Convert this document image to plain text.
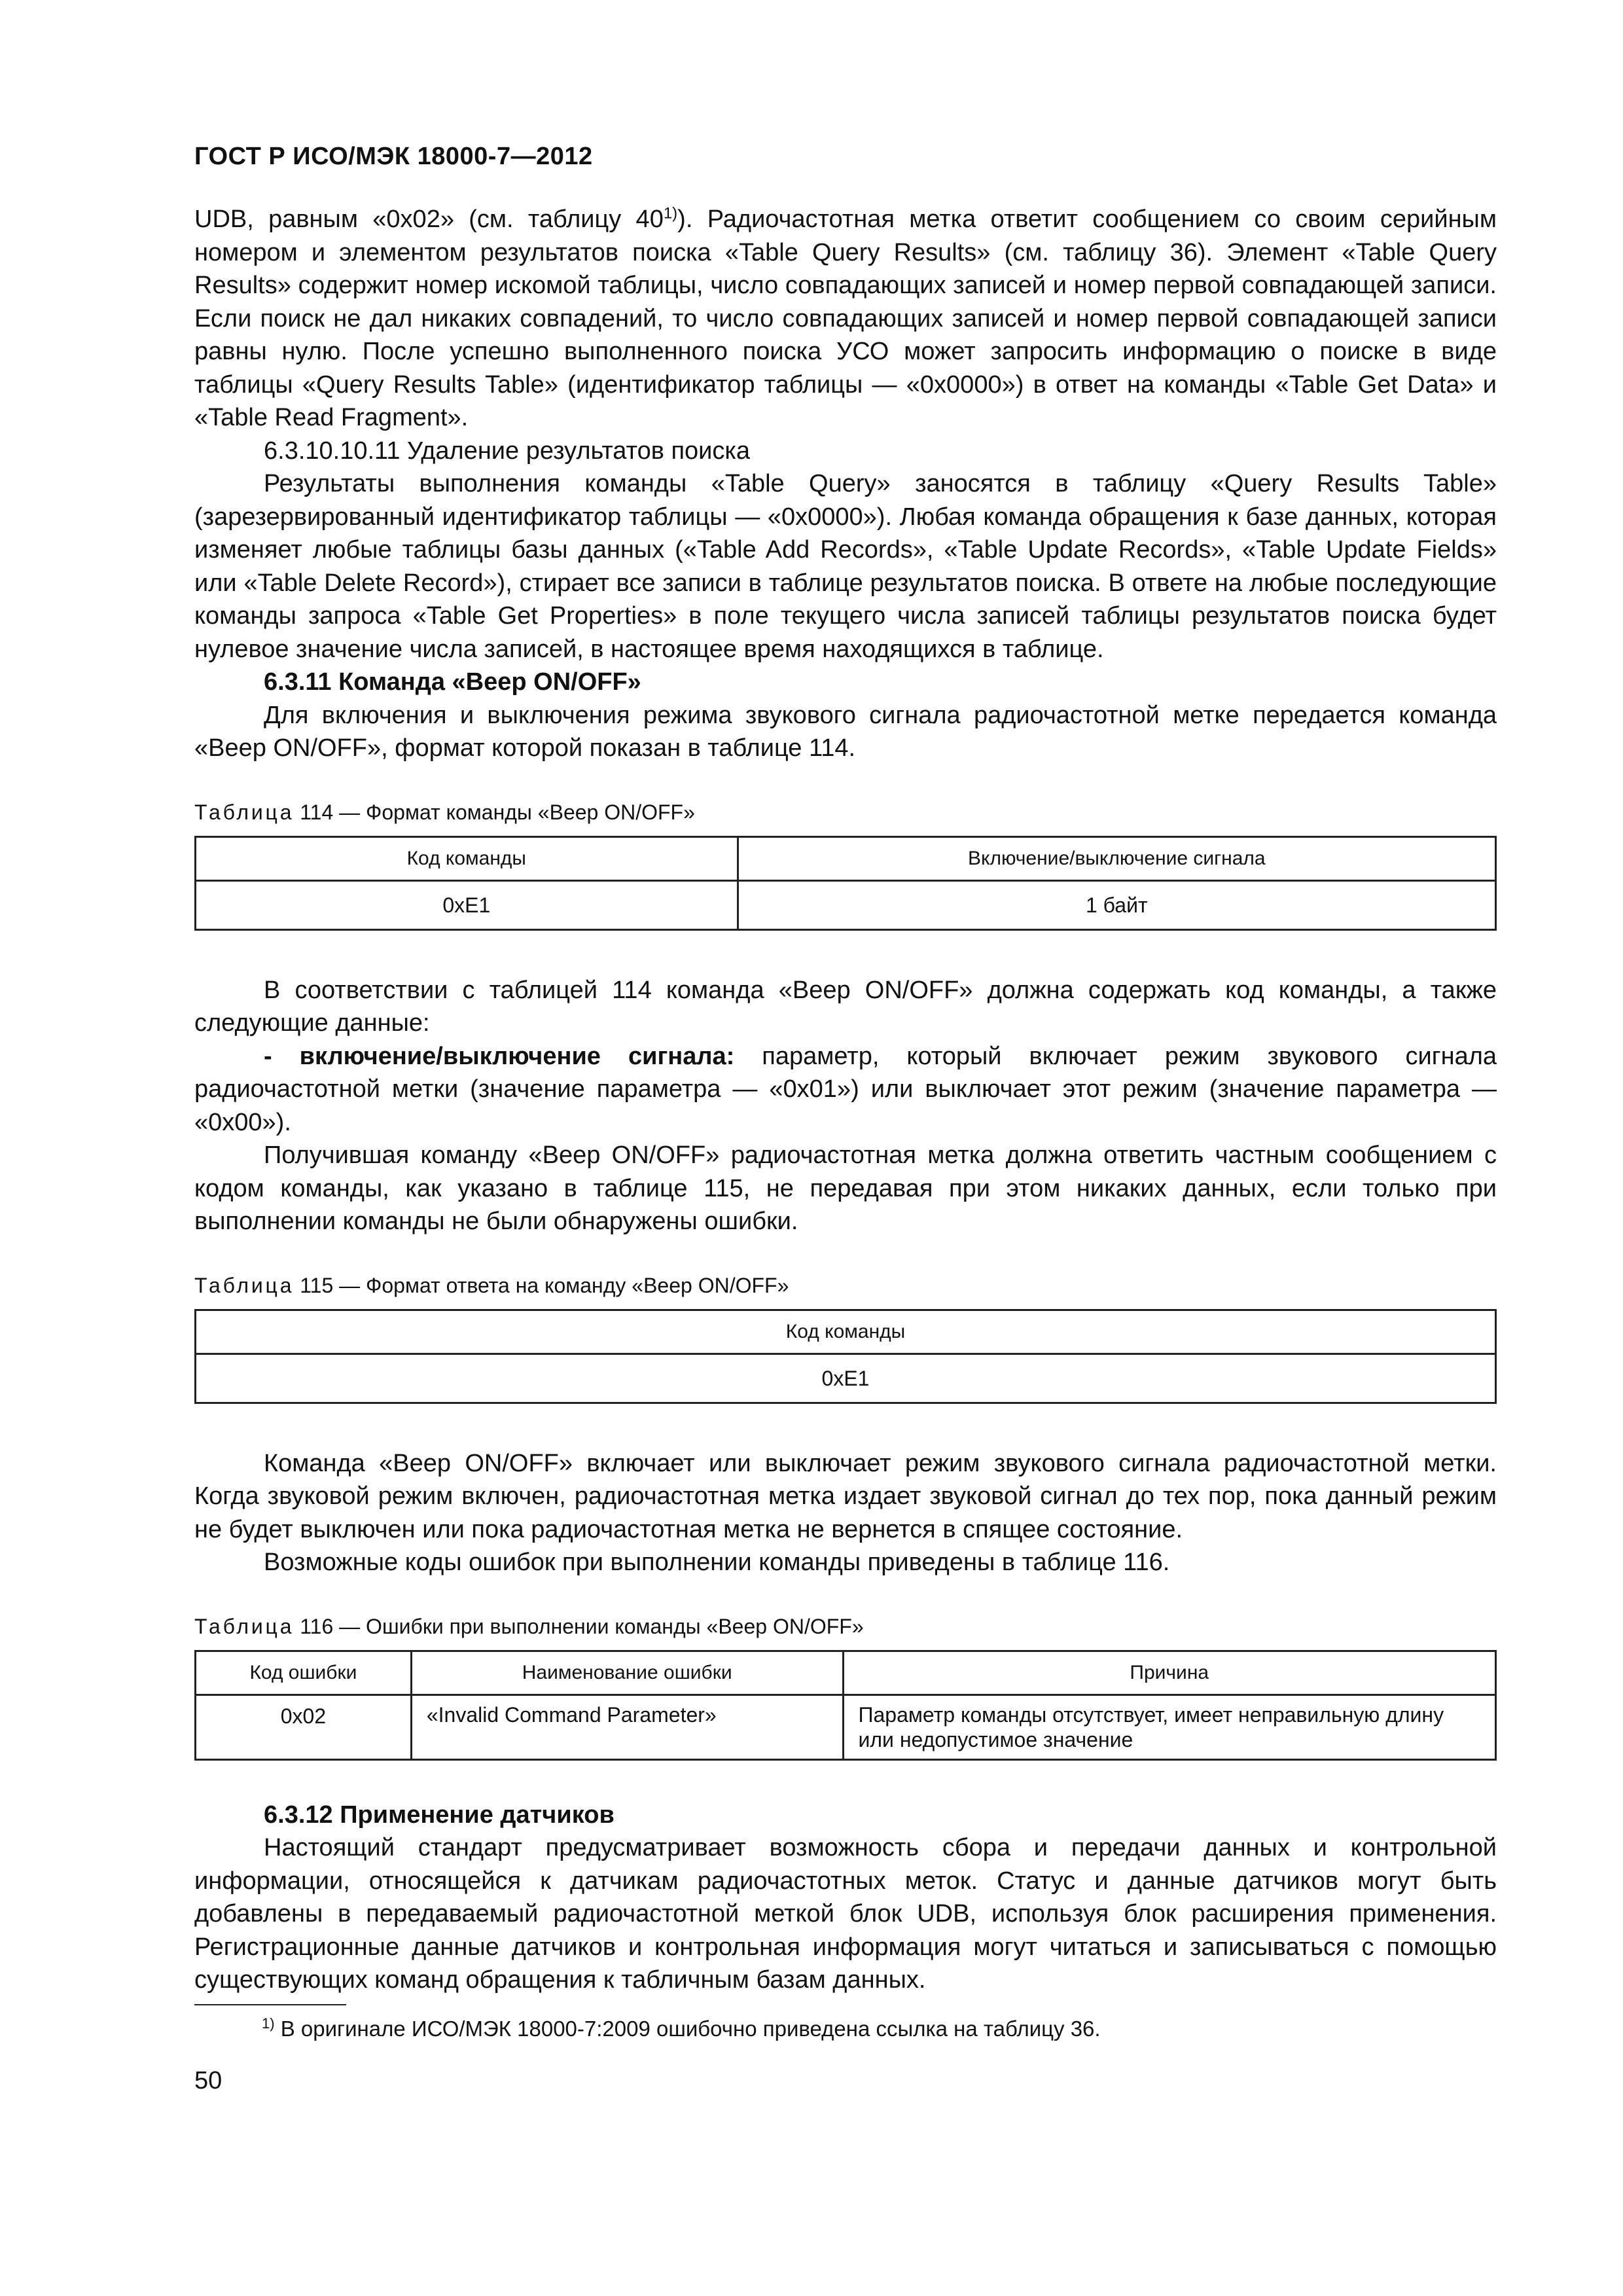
ГОСТ Р ИСО/МЭК 18000-7—2012

UDB, равным «0x02» (см. таблицу 40$^{1)}$). Радиочастотная метка ответит сообщением со своим серийным номером и элементом результатов поиска «Table Query Results» (см. таблицу 36). Элемент «Table Query Results» содержит номер искомой таблицы, число совпадающих записей и номер первой совпадающей записи. Если поиск не дал никаких совпадений, то число совпадающих записей и номер первой совпадающей записи равны нулю. После успешно выполненного поиска УСО может запросить информацию о поиске в виде таблицы «Query Results Table» (идентификатор таблицы — «0x0000») в ответ на команды «Table Get Data» и «Table Read Fragment».

6.3.10.10.11 Удаление результатов поиска

Результаты выполнения команды «Table Query» заносятся в таблицу «Query Results Table» (зарезервированный идентификатор таблицы — «0x0000»). Любая команда обращения к базе данных, которая изменяет любые таблицы базы данных («Table Add Records», «Table Update Records», «Table Update Fields» или «Table Delete Record»), стирает все записи в таблице результатов поиска. В ответе на любые последующие команды запроса «Table Get Properties» в поле текущего числа записей таблицы результатов поиска будет нулевое значение числа записей, в настоящее время находящихся в таблице.

6.3.11 Команда «Beep ON/OFF»

Для включения и выключения режима звукового сигнала радиочастотной метке передается команда «Beep ON/OFF», формат которой показан в таблице 114.

Таблица 114 — Формат команды «Beep ON/OFF»
Код команды	Включение/выключение сигнала
0xE1	1 байт

В соответствии с таблицей 114 команда «Beep ON/OFF» должна содержать код команды, а также следующие данные:

- включение/выключение сигнала: параметр, который включает режим звукового сигнала радиочастотной метки (значение параметра — «0x01») или выключает этот режим (значение параметра — «0x00»).

Получившая команду «Beep ON/OFF» радиочастотная метка должна ответить частным сообщением с кодом команды, как указано в таблице 115, не передавая при этом никаких данных, если только при выполнении команды не были обнаружены ошибки.

Таблица 115 — Формат ответа на команду «Beep ON/OFF»
Код команды
0xE1

Команда «Beep ON/OFF» включает или выключает режим звукового сигнала радиочастотной метки. Когда звуковой режим включен, радиочастотная метка издает звуковой сигнал до тех пор, пока данный режим не будет выключен или пока радиочастотная метка не вернется в спящее состояние.

Возможные коды ошибок при выполнении команды приведены в таблице 116.

Таблица 116 — Ошибки при выполнении команды «Beep ON/OFF»
Код ошибки	Наименование ошибки	Причина
0x02	«Invalid Command Parameter»	Параметр команды отсутствует, имеет неправильную длину или недопустимое значение

6.3.12 Применение датчиков

Настоящий стандарт предусматривает возможность сбора и передачи данных и контрольной информации, относящейся к датчикам радиочастотных меток. Статус и данные датчиков могут быть добавлены в передаваемый радиочастотной меткой блок UDB, используя блок расширения применения. Регистрационные данные датчиков и контрольная информация могут читаться и записываться с помощью существующих команд обращения к табличным базам данных.

$^{1)}$ В оригинале ИСО/МЭК 18000-7:2009 ошибочно приведена ссылка на таблицу 36.
50
